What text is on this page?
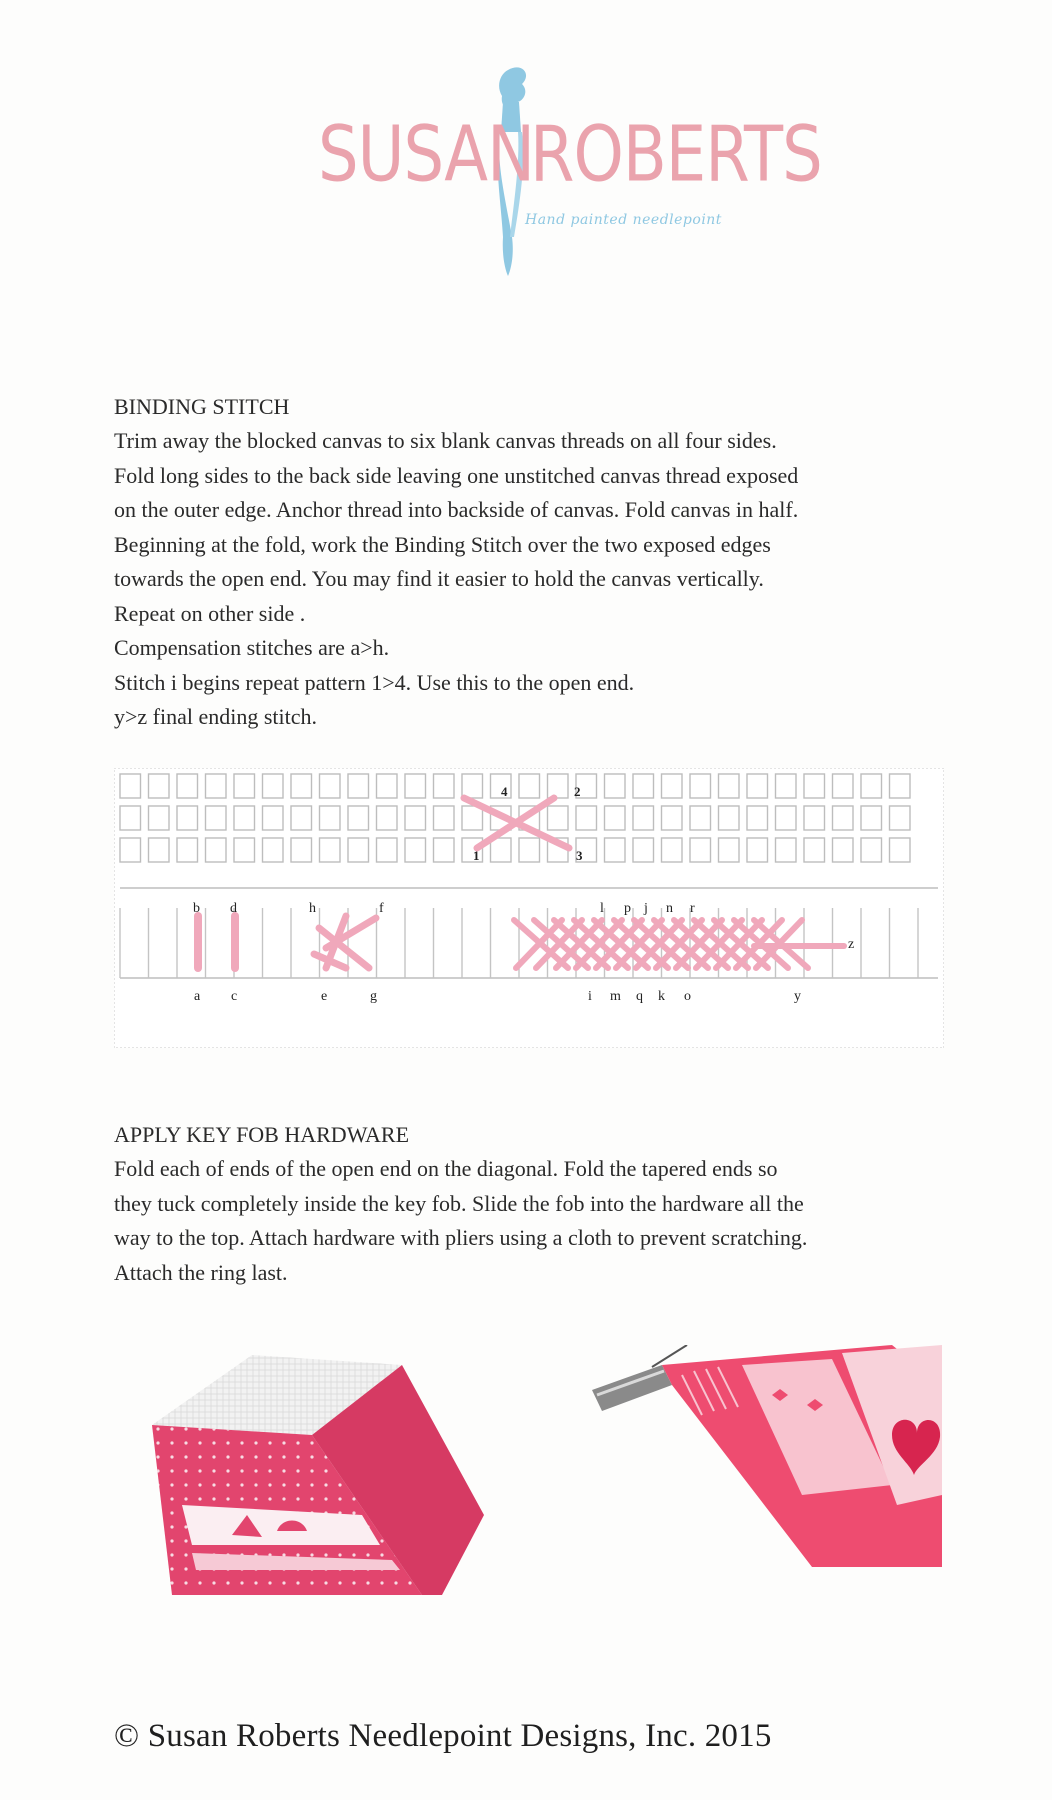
SUSAN
ROBERTS
Hand painted needlepoint
BINDING STITCH

Trim away the blocked canvas to six blank canvas threads on all four sides.

Fold long sides to the back side leaving one unstitched canvas thread exposed

on the outer edge. Anchor thread into backside of canvas. Fold canvas in half.

Beginning at the fold, work the Binding Stitch over the two exposed edges

towards the open end. You may find it easier to hold the canvas vertically.

Repeat on other side .

Compensation stitches are a>h.

Stitch i begins repeat pattern 1>4. Use this to the open end.

y>z final ending stitch.

4	2
1	3
b d	h	f	l p j n r
a c	e	g	i m q k o	y
z
APPLY KEY FOB HARDWARE

Fold each of ends of the open end on the diagonal. Fold the tapered ends so

they tuck completely inside the key fob. Slide the fob into the hardware all the

way to the top. Attach hardware with pliers using a cloth to prevent scratching.

Attach the ring last.

© Susan Roberts Needlepoint Designs, Inc. 2015
